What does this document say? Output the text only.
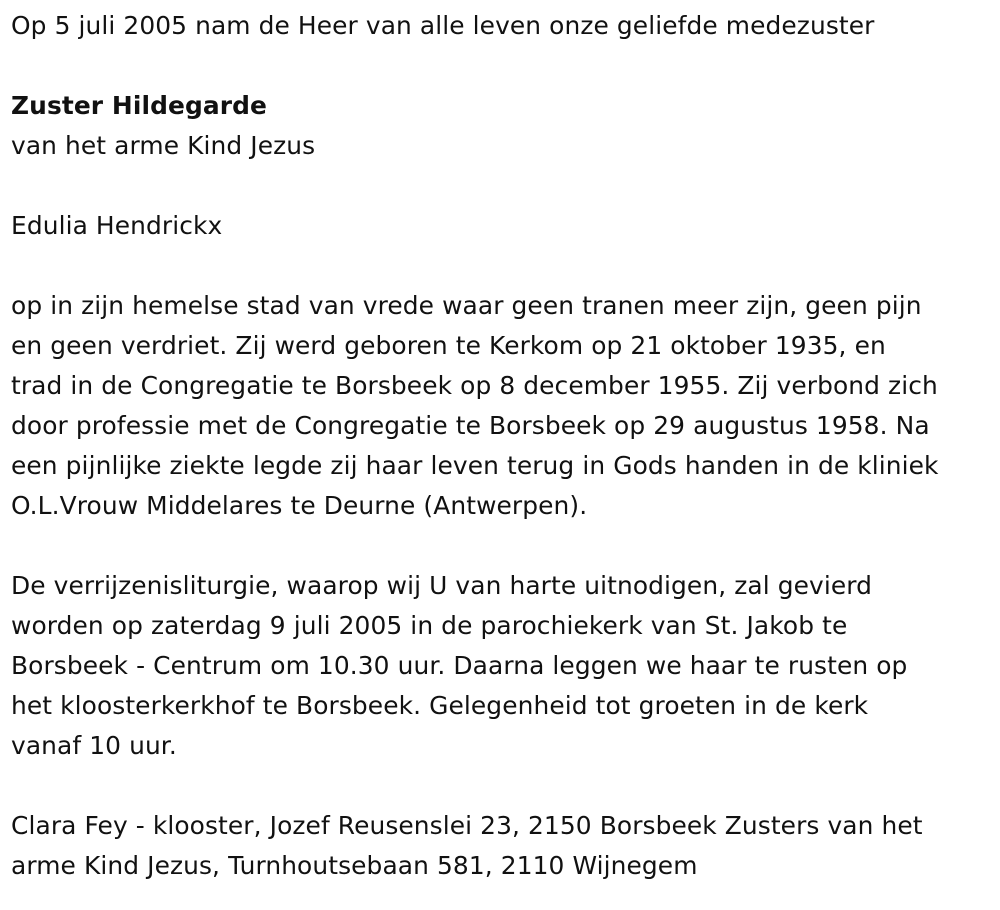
Op 5 juli 2005 nam de Heer van alle leven onze geliefde medezuster
Zuster Hildegarde
van het arme Kind Jezus
Edulia Hendrickx
op in zijn hemelse stad van vrede waar geen tranen meer zijn, geen pijn
en geen verdriet. Zij werd geboren te Kerkom op 21 oktober 1935, en
trad in de Congregatie te Borsbeek op 8 december 1955. Zij verbond zich
door professie met de Congregatie te Borsbeek op 29 augustus 1958. Na
een pijnlijke ziekte legde zij haar leven terug in Gods handen in de kliniek
O.L.Vrouw Middelares te Deurne (Antwerpen).
De verrijzenisliturgie, waarop wij U van harte uitnodigen, zal gevierd
worden op zaterdag 9 juli 2005 in de parochiekerk van St. Jakob te
Borsbeek - Centrum om 10.30 uur. Daarna leggen we haar te rusten op
het kloosterkerkhof te Borsbeek. Gelegenheid tot groeten in de kerk
vanaf 10 uur.
Clara Fey - klooster, Jozef Reusenslei 23, 2150 Borsbeek Zusters van het
arme Kind Jezus, Turnhoutsebaan 581, 2110 Wijnegem
